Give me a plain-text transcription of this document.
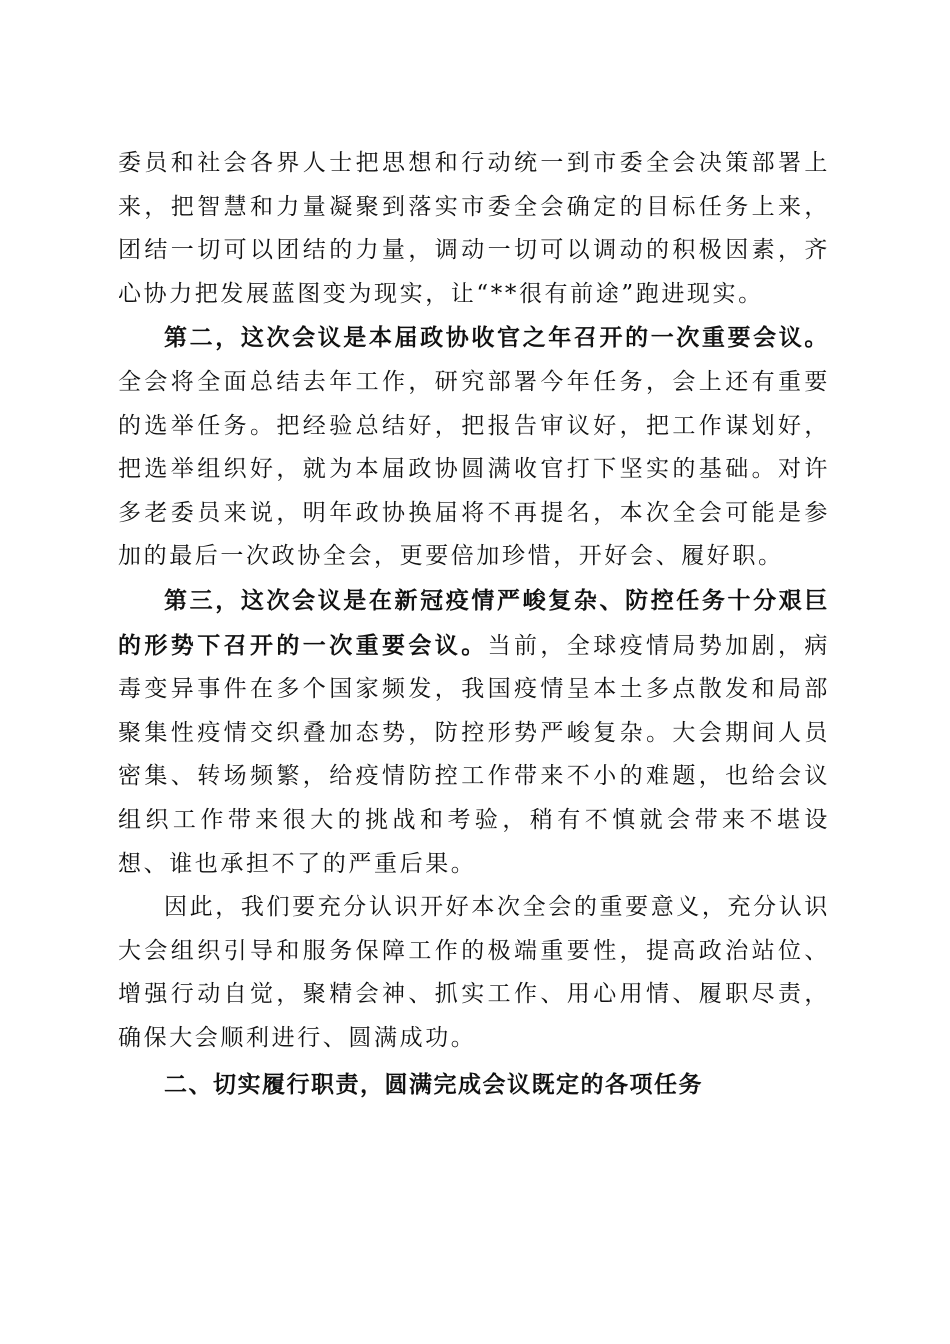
委员和社会各界人士把思想和行动统一到市委全会决策部署上来，把智慧和力量凝聚到落实市委全会确定的目标任务上来，团结一切可以团结的力量，调动一切可以调动的积极因素，齐心协力把发展蓝图变为现实，让“**很有前途”跑进现实。

第二，这次会议是本届政协收官之年召开的一次重要会议。全会将全面总结去年工作，研究部署今年任务，会上还有重要的选举任务。把经验总结好，把报告审议好，把工作谋划好，把选举组织好，就为本届政协圆满收官打下坚实的基础。对许多老委员来说，明年政协换届将不再提名，本次全会可能是参加的最后一次政协全会，更要倍加珍惜，开好会、履好职。

第三，这次会议是在新冠疫情严峻复杂、防控任务十分艰巨的形势下召开的一次重要会议。当前，全球疫情局势加剧，病毒变异事件在多个国家频发，我国疫情呈本土多点散发和局部聚集性疫情交织叠加态势，防控形势严峻复杂。大会期间人员密集、转场频繁，给疫情防控工作带来不小的难题，也给会议组织工作带来很大的挑战和考验，稍有不慎就会带来不堪设想、谁也承担不了的严重后果。

因此，我们要充分认识开好本次全会的重要意义，充分认识大会组织引导和服务保障工作的极端重要性，提高政治站位、增强行动自觉，聚精会神、抓实工作、用心用情、履职尽责，确保大会顺利进行、圆满成功。

二、切实履行职责，圆满完成会议既定的各项任务
